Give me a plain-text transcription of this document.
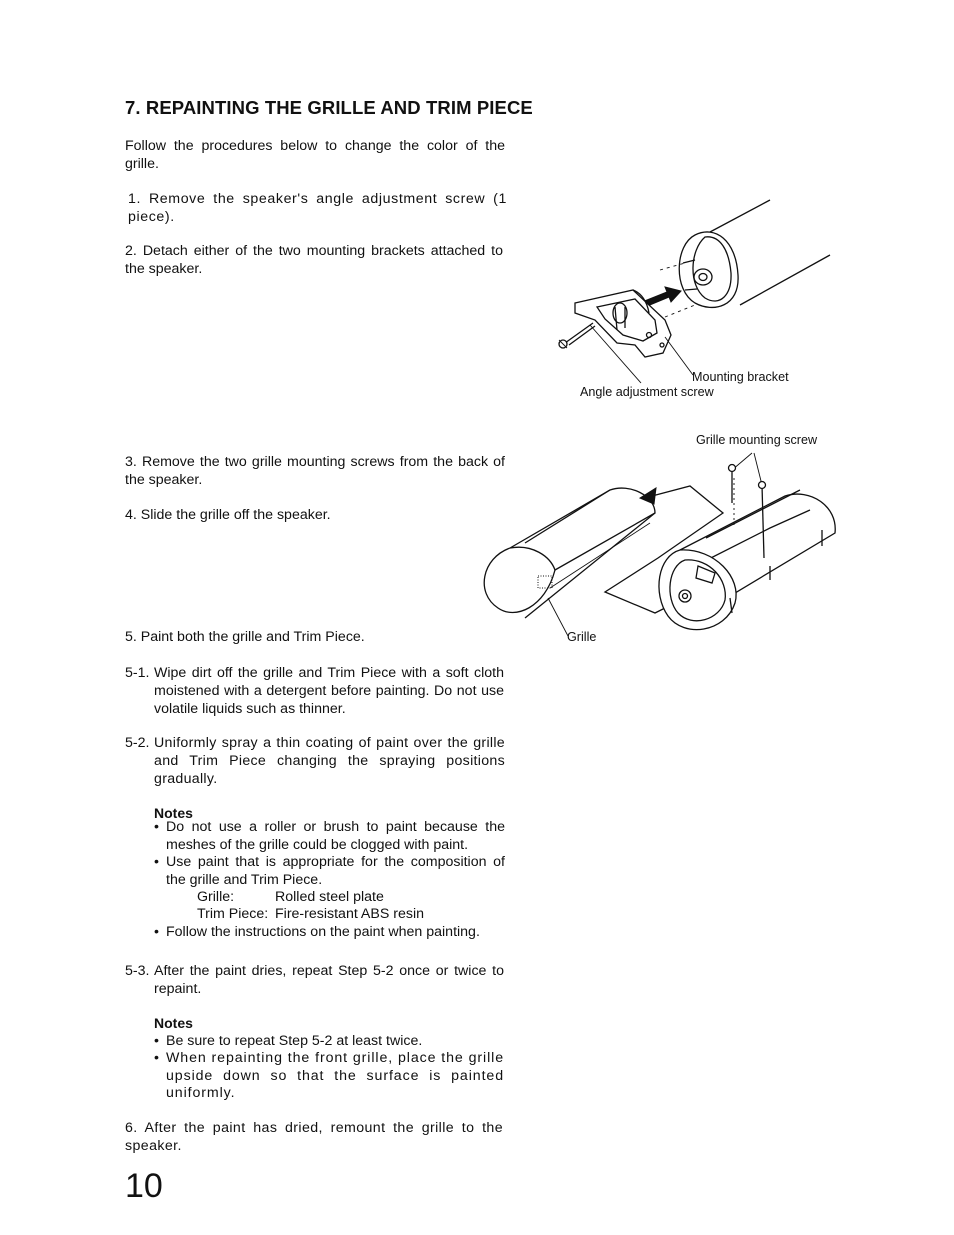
7. REPAINTING THE GRILLE AND TRIM PIECE

Follow the procedures below to change the color of the grille.

1. Remove the speaker's angle adjustment screw (1 piece).

2. Detach either of the two mounting brackets attached to the speaker.

3. Remove the two grille mounting screws from the back of the speaker.

4. Slide the grille off the speaker.

5. Paint both the grille and Trim Piece.

5-1. Wipe dirt off the grille and Trim Piece with a soft cloth moistened with a detergent before painting. Do not use volatile liquids such as thinner.

5-2. Uniformly spray a thin coating of paint over the grille and Trim Piece changing the spraying positions gradually.

Notes
• Do not use a roller or brush to paint because the meshes of the grille could be clogged with paint.

• Use paint that is appropriate for the composition of the grille and Trim Piece.

Grille:	Rolled steel plate
Trim Piece: Fire-resistant ABS resin
• Follow the instructions on the paint when painting.
5-3. After the paint dries, repeat Step 5-2 once or twice to repaint.

Notes
• Be sure to repeat Step 5-2 at least twice.
• When repainting the front grille, place the grille upside down so that the surface is painted uniformly.

6. After the paint has dried, remount the grille to the speaker.

10
Mounting bracket
Angle adjustment screw
Grille mounting screw
Grille
